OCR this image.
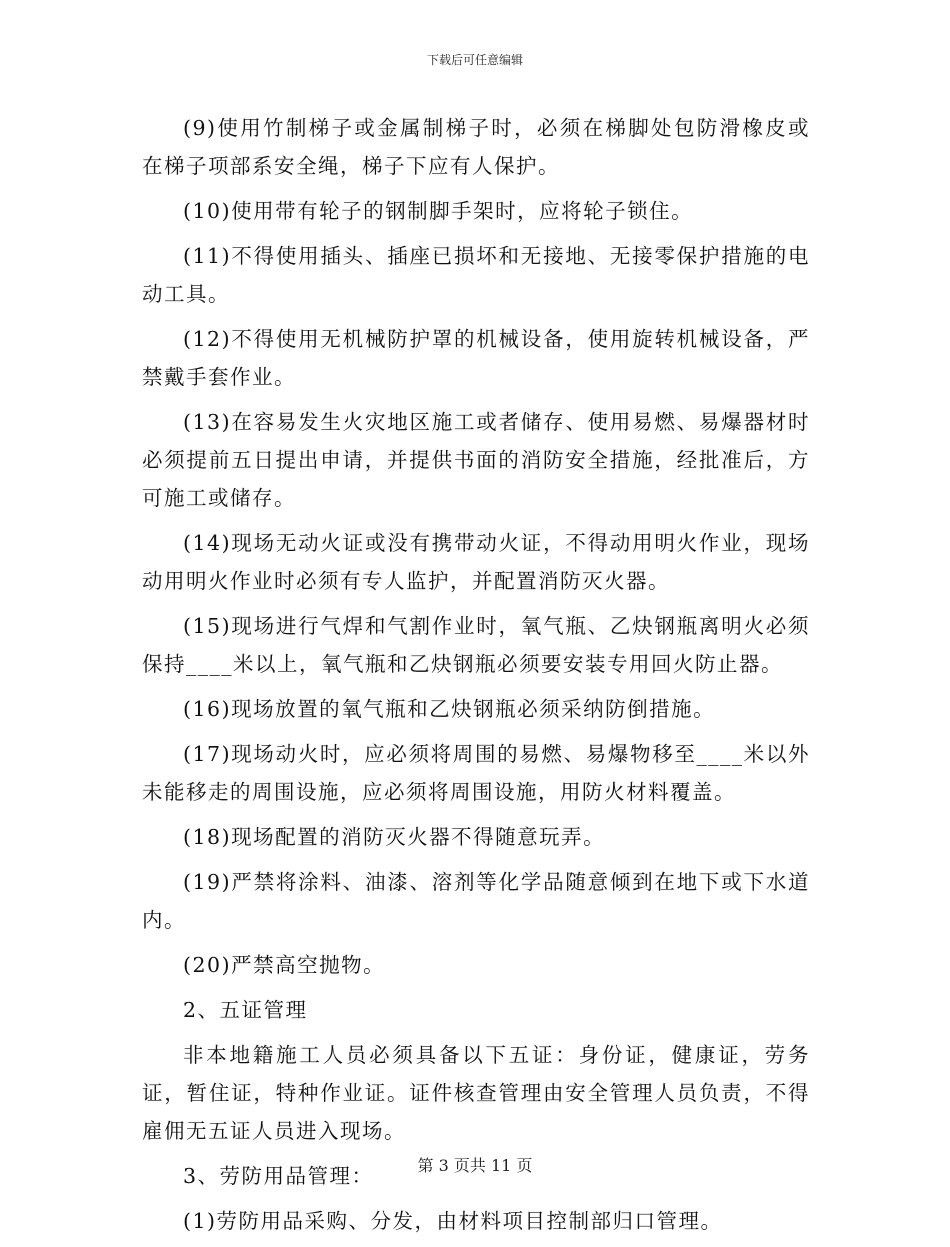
下载后可任意编辑

(9)使用竹制梯子或金属制梯子时，必须在梯脚处包防滑橡皮或在梯子项部系安全绳，梯子下应有人保护。

(10)使用带有轮子的钢制脚手架时，应将轮子锁住。

(11)不得使用插头、插座已损坏和无接地、无接零保护措施的电动工具。

(12)不得使用无机械防护罩的机械设备，使用旋转机械设备，严禁戴手套作业。

(13)在容易发生火灾地区施工或者储存、使用易燃、易爆器材时必须提前五日提出申请，并提供书面的消防安全措施，经批准后，方可施工或储存。

(14)现场无动火证或没有携带动火证，不得动用明火作业，现场动用明火作业时必须有专人监护，并配置消防灭火器。

(15)现场进行气焊和气割作业时，氧气瓶、乙炔钢瓶离明火必须保持____米以上，氧气瓶和乙炔钢瓶必须要安装专用回火防止器。

(16)现场放置的氧气瓶和乙炔钢瓶必须采纳防倒措施。

(17)现场动火时，应必须将周围的易燃、易爆物移至____米以外未能移走的周围设施，应必须将周围设施，用防火材料覆盖。

(18)现场配置的消防灭火器不得随意玩弄。

(19)严禁将涂料、油漆、溶剂等化学品随意倾到在地下或下水道内。

(20)严禁高空抛物。

2、五证管理

非本地籍施工人员必须具备以下五证：身份证，健康证，劳务证，暂住证，特种作业证。证件核查管理由安全管理人员负责，不得雇佣无五证人员进入现场。

3、劳防用品管理：

(1)劳防用品采购、分发，由材料项目控制部归口管理。

第 3 页共 11 页
